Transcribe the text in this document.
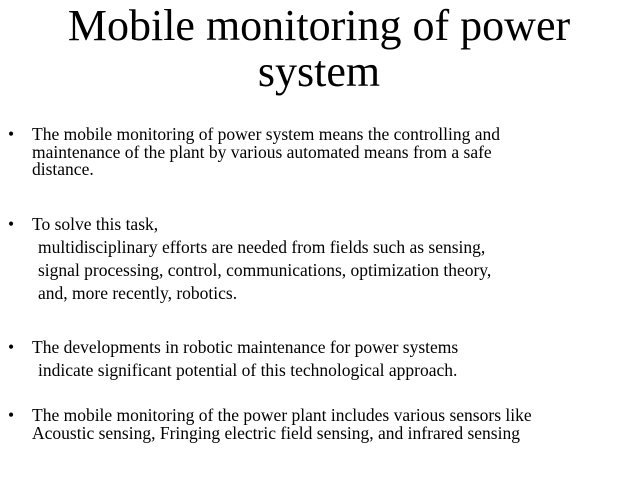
Mobile monitoring of power
system
• The mobile monitoring of power system means the controlling and
maintenance of the plant by various automated means from a safe
distance.
• To solve this task,
multidisciplinary efforts are needed from fields such as sensing,
signal processing, control, communications, optimization theory,
and, more recently, robotics.
• The developments in robotic maintenance for power systems
indicate significant potential of this technological approach.
• The mobile monitoring of the power plant includes various sensors like
Acoustic sensing, Fringing electric field sensing, and infrared sensing
